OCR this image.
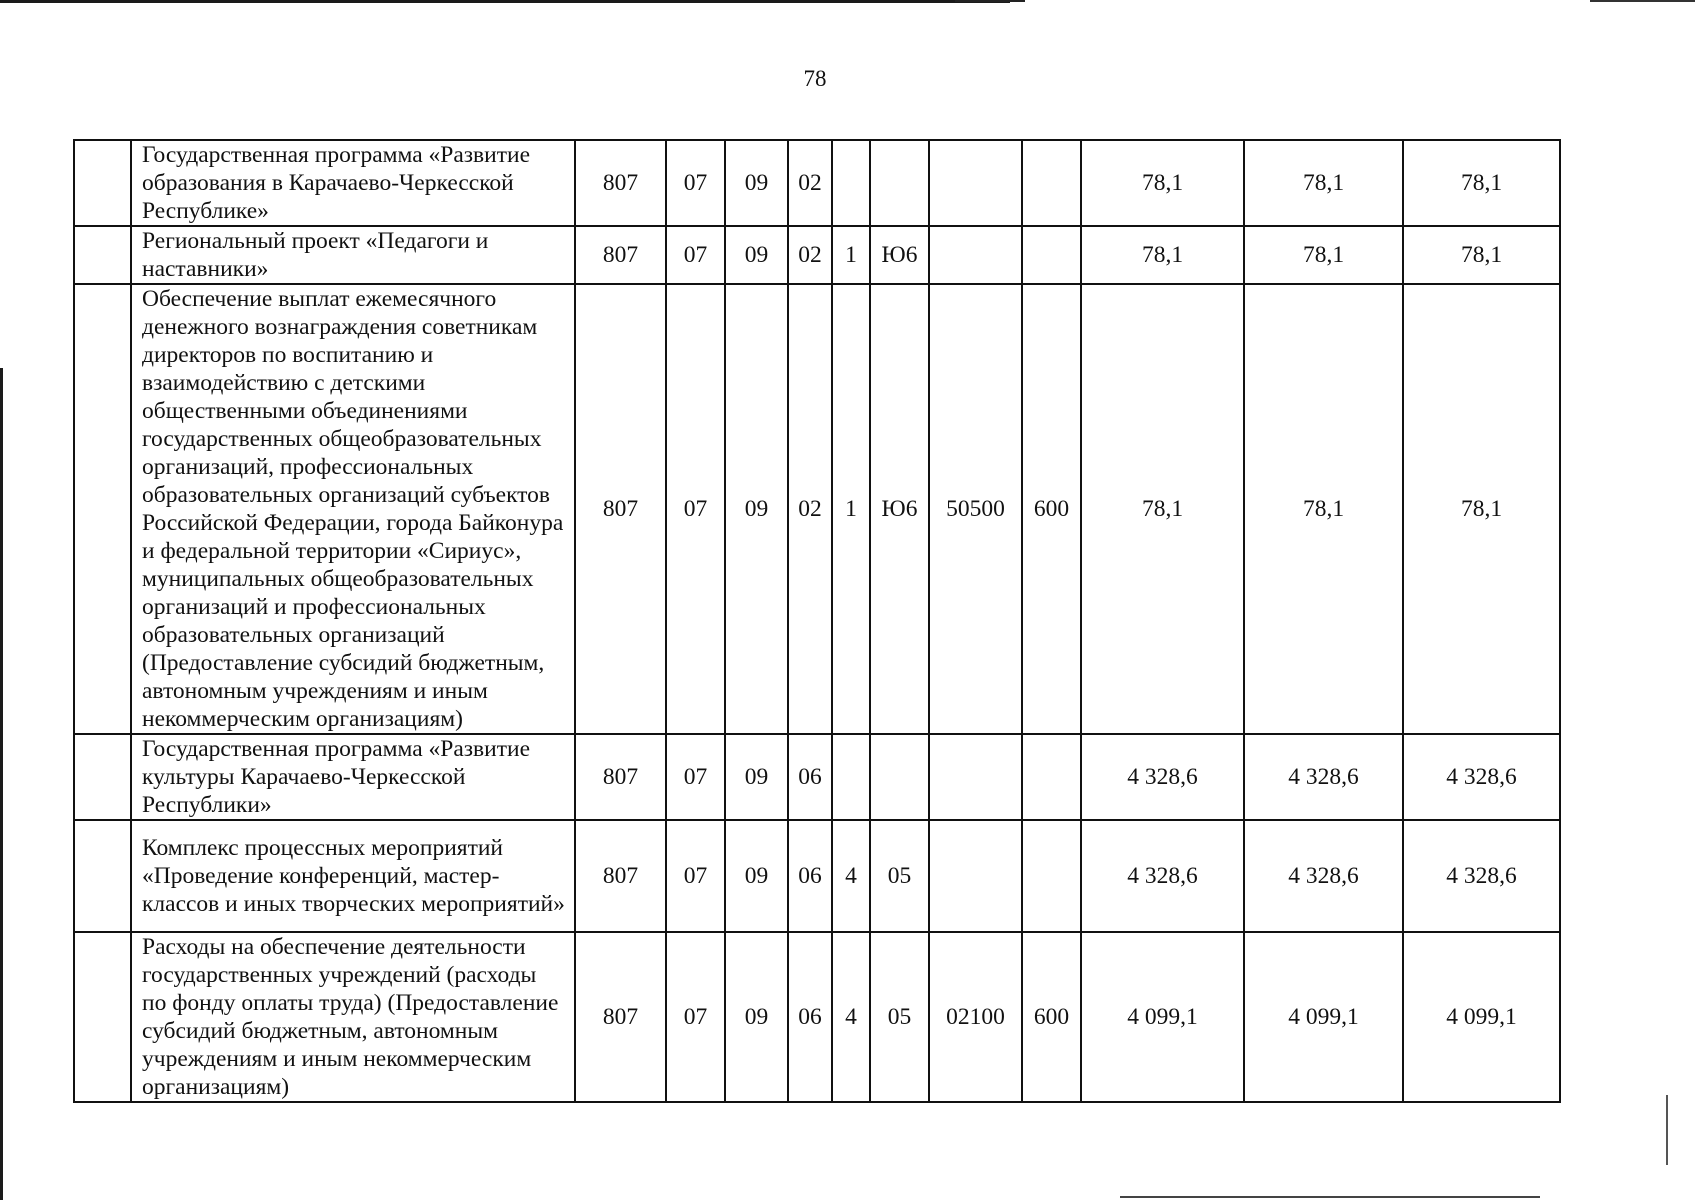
78
	Государственная программа «Развитие образования в Карачаево-Черкесской Республике»	807	07	09	02					78,1	78,1	78,1
	Региональный проект «Педагоги и наставники»	807	07	09	02	1	Ю6			78,1	78,1	78,1
	Обеспечение выплат ежемесячного денежного вознаграждения советникам директоров по воспитанию и взаимодействию с детскими общественными объединениями государственных общеобразовательных организаций, профессиональных образовательных организаций субъектов Российской Федерации, города Байконура и федеральной территории «Сириус», муниципальных общеобразовательных организаций и профессиональных образовательных организаций (Предоставление субсидий бюджетным, автономным учреждениям и иным некоммерческим организациям)	807	07	09	02	1	Ю6	50500	600	78,1	78,1	78,1
	Государственная программа «Развитие культуры Карачаево-Черкесской Республики»	807	07	09	06					4 328,6	4 328,6	4 328,6
	Комплекс процессных мероприятий «Проведение конференций, мастер-классов и иных творческих мероприятий»	807	07	09	06	4	05			4 328,6	4 328,6	4 328,6
	Расходы на обеспечение деятельности государственных учреждений (расходы по фонду оплаты труда) (Предоставление субсидий бюджетным, автономным учреждениям и иным некоммерческим организациям)	807	07	09	06	4	05	02100	600	4 099,1	4 099,1	4 099,1
